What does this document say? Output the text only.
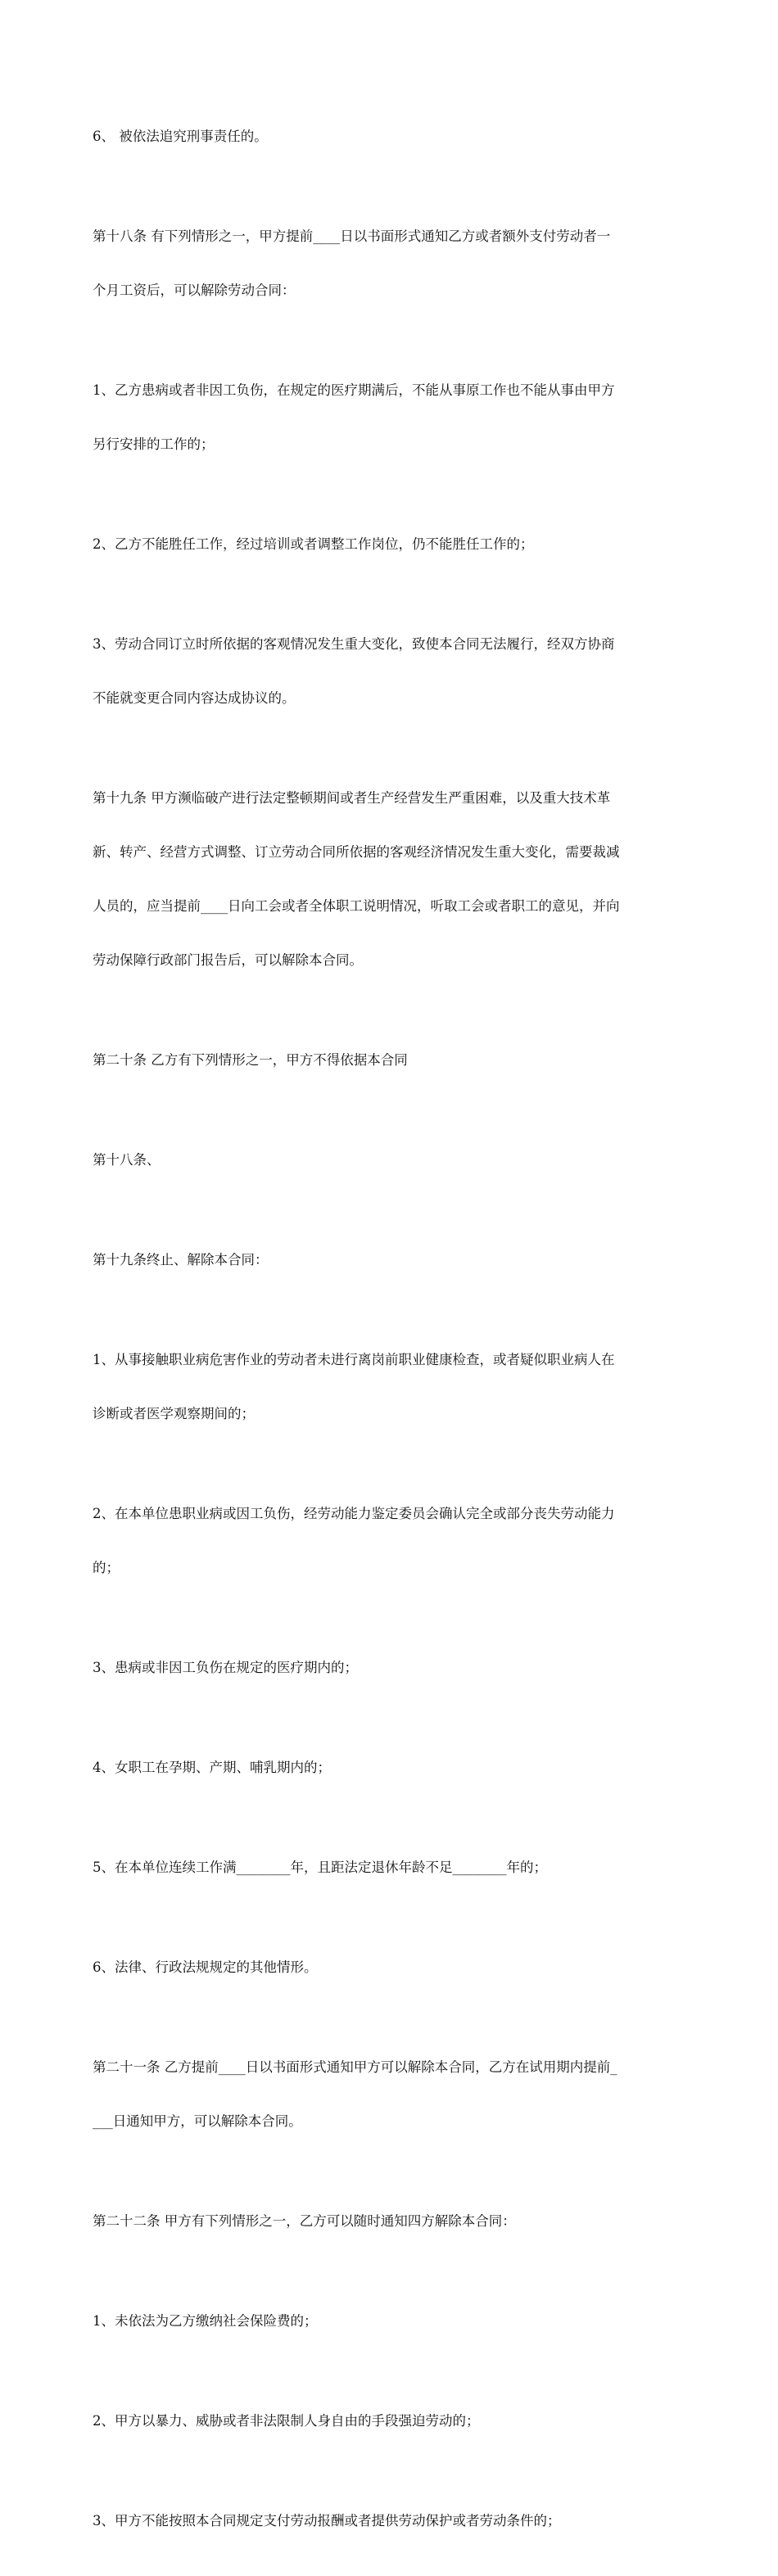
6、 被依法追究刑事责任的。

第十八条 有下列情形之一，甲方提前____日以书面形式通知乙方或者额外支付劳动者一

个月工资后，可以解除劳动合同：

1、乙方患病或者非因工负伤，在规定的医疗期满后，不能从事原工作也不能从事由甲方

另行安排的工作的；

2、乙方不能胜任工作，经过培训或者调整工作岗位，仍不能胜任工作的；

3、劳动合同订立时所依据的客观情况发生重大变化，致使本合同无法履行，经双方协商

不能就变更合同内容达成协议的。

第十九条 甲方濒临破产进行法定整顿期间或者生产经营发生严重困难，以及重大技术革

新、转产、经营方式调整、订立劳动合同所依据的客观经济情况发生重大变化，需要裁减

人员的，应当提前____日向工会或者全体职工说明情况，听取工会或者职工的意见，并向

劳动保障行政部门报告后，可以解除本合同。

第二十条 乙方有下列情形之一，甲方不得依据本合同

第十八条、

第十九条终止、解除本合同：

1、从事接触职业病危害作业的劳动者未进行离岗前职业健康检查，或者疑似职业病人在

诊断或者医学观察期间的；

2、在本单位患职业病或因工负伤，经劳动能力鉴定委员会确认完全或部分丧失劳动能力

的；

3、患病或非因工负伤在规定的医疗期内的；

4、女职工在孕期、产期、哺乳期内的；

5、在本单位连续工作满________年，且距法定退休年龄不足________年的；

6、法律、行政法规规定的其他情形。

第二十一条 乙方提前____日以书面形式通知甲方可以解除本合同，乙方在试用期内提前_

___日通知甲方，可以解除本合同。

第二十二条 甲方有下列情形之一，乙方可以随时通知四方解除本合同：

1、未依法为乙方缴纳社会保险费的；

2、甲方以暴力、威胁或者非法限制人身自由的手段强迫劳动的；

3、甲方不能按照本合同规定支付劳动报酬或者提供劳动保护或者劳动条件的；
